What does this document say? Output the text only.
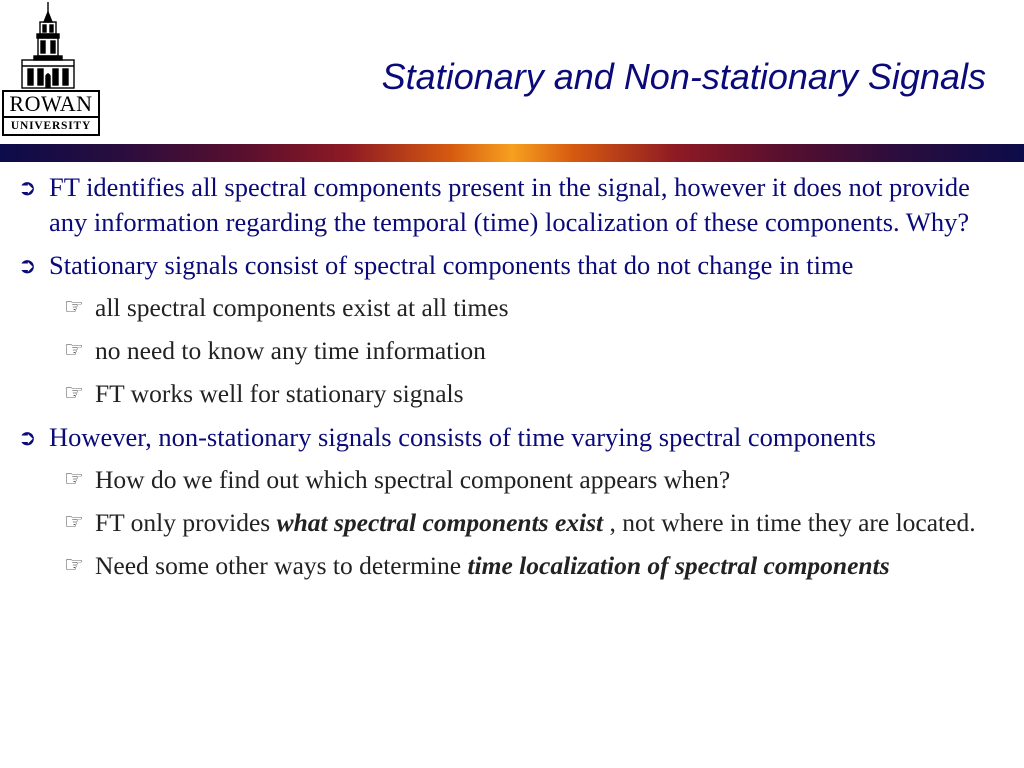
ROWAN
UNIVERSITY
Stationary and Non-stationary Signals
➲ FT identifies all spectral components present in the signal, however it does not provide any information regarding the temporal (time) localization of these components. Why?
➲ Stationary signals consist of spectral components that do not change in time
☞ all spectral components exist at all times
☞ no need to know any time information
☞ FT works well for stationary signals
➲ However, non-stationary signals consists of time varying spectral components
☞ How do we find out which spectral component appears when?
☞ FT only provides what spectral components exist , not where in time they are located.
☞ Need some other ways to determine time localization of spectral components
